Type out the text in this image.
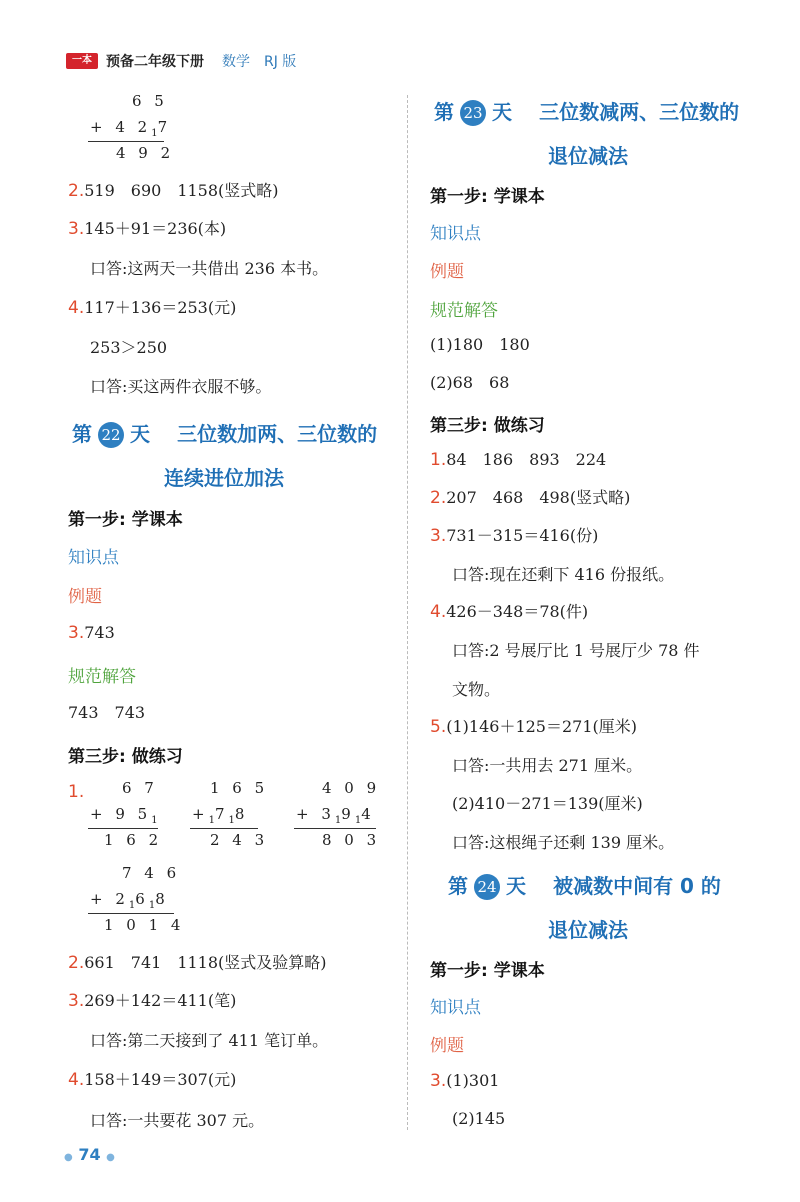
一本	预备二年级下册 数学 RJ 版
6 5
+ 4 $2_17$
4 9 2
2.519　690　1158(竖式略)
3.145＋91＝236(本)
口答:这两天一共借出 236 本书。
4.117＋136＝253(元)
253＞250
口答:买这两件衣服不够。
第 22 天 三位数加两、三位数的
连续进位加法
第一步: 学课本
知识点
例题
3.743
规范解答
743　743
第三步: 做练习
1.	6 7
+ 9 $5_1$
1 6 2
1 6 5
$+_17_18$
2 4 3
4 0 9
+ $3_19_14$
8 0 3
7 4 6
+ $2_16_18$
1 0 1 4
2.661　741　1118(竖式及验算略)
3.269＋142＝411(笔)
口答:第二天接到了 411 笔订单。
4.158＋149＝307(元)
口答:一共要花 307 元。
第 23 天 三位数减两、三位数的
退位减法
第一步: 学课本
知识点
例题
规范解答
(1)180　180
(2)68　68
第三步: 做练习
1.84　186　893　224
2.207　468　498(竖式略)
3.731－315＝416(份)
口答:现在还剩下 416 份报纸。
4.426－348＝78(件)
口答:2 号展厅比 1 号展厅少 78 件
文物。
5.(1)146＋125＝271(厘米)
口答:一共用去 271 厘米。
(2)410－271＝139(厘米)
口答:这根绳子还剩 139 厘米。
第 24 天 被减数中间有 0 的
退位减法
第一步: 学课本
知识点
例题
3.(1)301
(2)145
● 74 ●
